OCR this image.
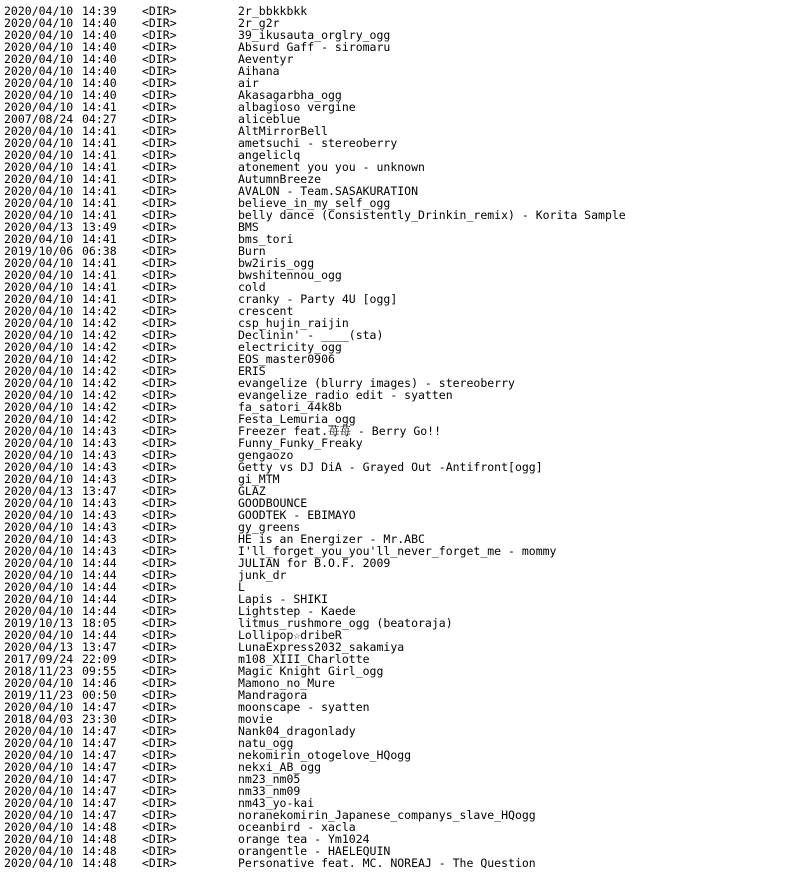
2020/04/10 14:39 <DIR>	2r_bbkkbkk
2020/04/10 14:40 <DIR>	2r_g2r
2020/04/10 14:40 <DIR>	39_ikusauta_orglry_ogg
2020/04/10 14:40 <DIR>	Absurd Gaff - siromaru
2020/04/10 14:40 <DIR>	Aeventyr
2020/04/10 14:40 <DIR>	Aihana
2020/04/10 14:40 <DIR>	air
2020/04/10 14:40 <DIR>	Akasagarbha_ogg
2020/04/10 14:41 <DIR>	albagioso vergine
2007/08/24 04:27 <DIR>	aliceblue
2020/04/10 14:41 <DIR>	AltMirrorBell
2020/04/10 14:41 <DIR>	ametsuchi - stereoberry
2020/04/10 14:41 <DIR>	angeliclq
2020/04/10 14:41 <DIR>	atonement you you - unknown
2020/04/10 14:41 <DIR>	AutumnBreeze
2020/04/10 14:41 <DIR>	AVALON - Team.SASAKURATION
2020/04/10 14:41 <DIR>	believe_in_my_self_ogg
2020/04/10 14:41 <DIR>	belly dance (Consistently_Drinkin_remix) - Korita Sample
2020/04/13 13:49 <DIR>	BMS
2020/04/10 14:41 <DIR>	bms_tori
2019/10/06 06:38 <DIR>	Burn
2020/04/10 14:41 <DIR>	bw2iris_ogg
2020/04/10 14:41 <DIR>	bwshitennou_ogg
2020/04/10 14:41 <DIR>	cold
2020/04/10 14:41 <DIR>	cranky - Party 4U [ogg]
2020/04/10 14:42 <DIR>	crescent
2020/04/10 14:42 <DIR>	csp_hujin_raijin
2020/04/10 14:42 <DIR>	Declinin' - ____(sta)
2020/04/10 14:42 <DIR>	electricity_ogg
2020/04/10 14:42 <DIR>	EOS_master0906
2020/04/10 14:42 <DIR>	ERIS
2020/04/10 14:42 <DIR>	evangelize (blurry images) - stereoberry
2020/04/10 14:42 <DIR>	evangelize_radio edit - syatten
2020/04/10 14:42 <DIR>	fa_satori_44k8b
2020/04/10 14:42 <DIR>	Festa_Lemuria_ogg
2020/04/10 14:43 <DIR>	Freezer feat.苺苺 - Berry Go!!
2020/04/10 14:43 <DIR>	Funny_Funky_Freaky
2020/04/10 14:43 <DIR>	gengaozo
2020/04/10 14:43 <DIR>	Getty vs DJ DiA - Grayed Out -Antifront[ogg]
2020/04/10 14:43 <DIR>	gi_MTM
2020/04/13 13:47 <DIR>	GLAZ
2020/04/10 14:43 <DIR>	GOODBOUNCE
2020/04/10 14:43 <DIR>	GOODTEK - EBIMAYO
2020/04/10 14:43 <DIR>	gy_greens
2020/04/10 14:43 <DIR>	HE is an Energizer - Mr.ABC
2020/04/10 14:43 <DIR>	I'll_forget_you_you'll_never_forget_me - mommy
2020/04/10 14:44 <DIR>	JULIAN for B.O.F. 2009
2020/04/10 14:44 <DIR>	junk_dr
2020/04/10 14:44 <DIR>	L
2020/04/10 14:44 <DIR>	Lapis - SHIKI
2020/04/10 14:44 <DIR>	Lightstep - Kaede
2019/10/13 18:05 <DIR>	litmus_rushmore_ogg (beatoraja)
2020/04/10 14:44 <DIR>	Lollipop☆dribeR
2020/04/13 13:47 <DIR>	LunaExpress2032_sakamiya
2017/09/24 22:09 <DIR>	m108_XIII_Charlotte
2018/11/23 09:55 <DIR>	Magic Knight Girl_ogg
2020/04/10 14:46 <DIR>	Mamono_no_Mure
2019/11/23 00:50 <DIR>	Mandragora
2020/04/10 14:47 <DIR>	moonscape - syatten
2018/04/03 23:30 <DIR>	movie
2020/04/10 14:47 <DIR>	Nank04_dragonlady
2020/04/10 14:47 <DIR>	natu_ogg
2020/04/10 14:47 <DIR>	nekomirin_otogelove_HQogg
2020/04/10 14:47 <DIR>	nekxi_AB_ogg
2020/04/10 14:47 <DIR>	nm23_nm05
2020/04/10 14:47 <DIR>	nm33_nm09
2020/04/10 14:47 <DIR>	nm43_yo-kai
2020/04/10 14:47 <DIR>	noranekomirin_Japanese_companys_slave_HQogg
2020/04/10 14:48 <DIR>	oceanbird - xacla
2020/04/10 14:48 <DIR>	orange tea - Ym1024
2020/04/10 14:48 <DIR>	orangentle - HAELEQUIN
2020/04/10 14:48 <DIR>	Personative feat. MC. NOREAJ - The Question
